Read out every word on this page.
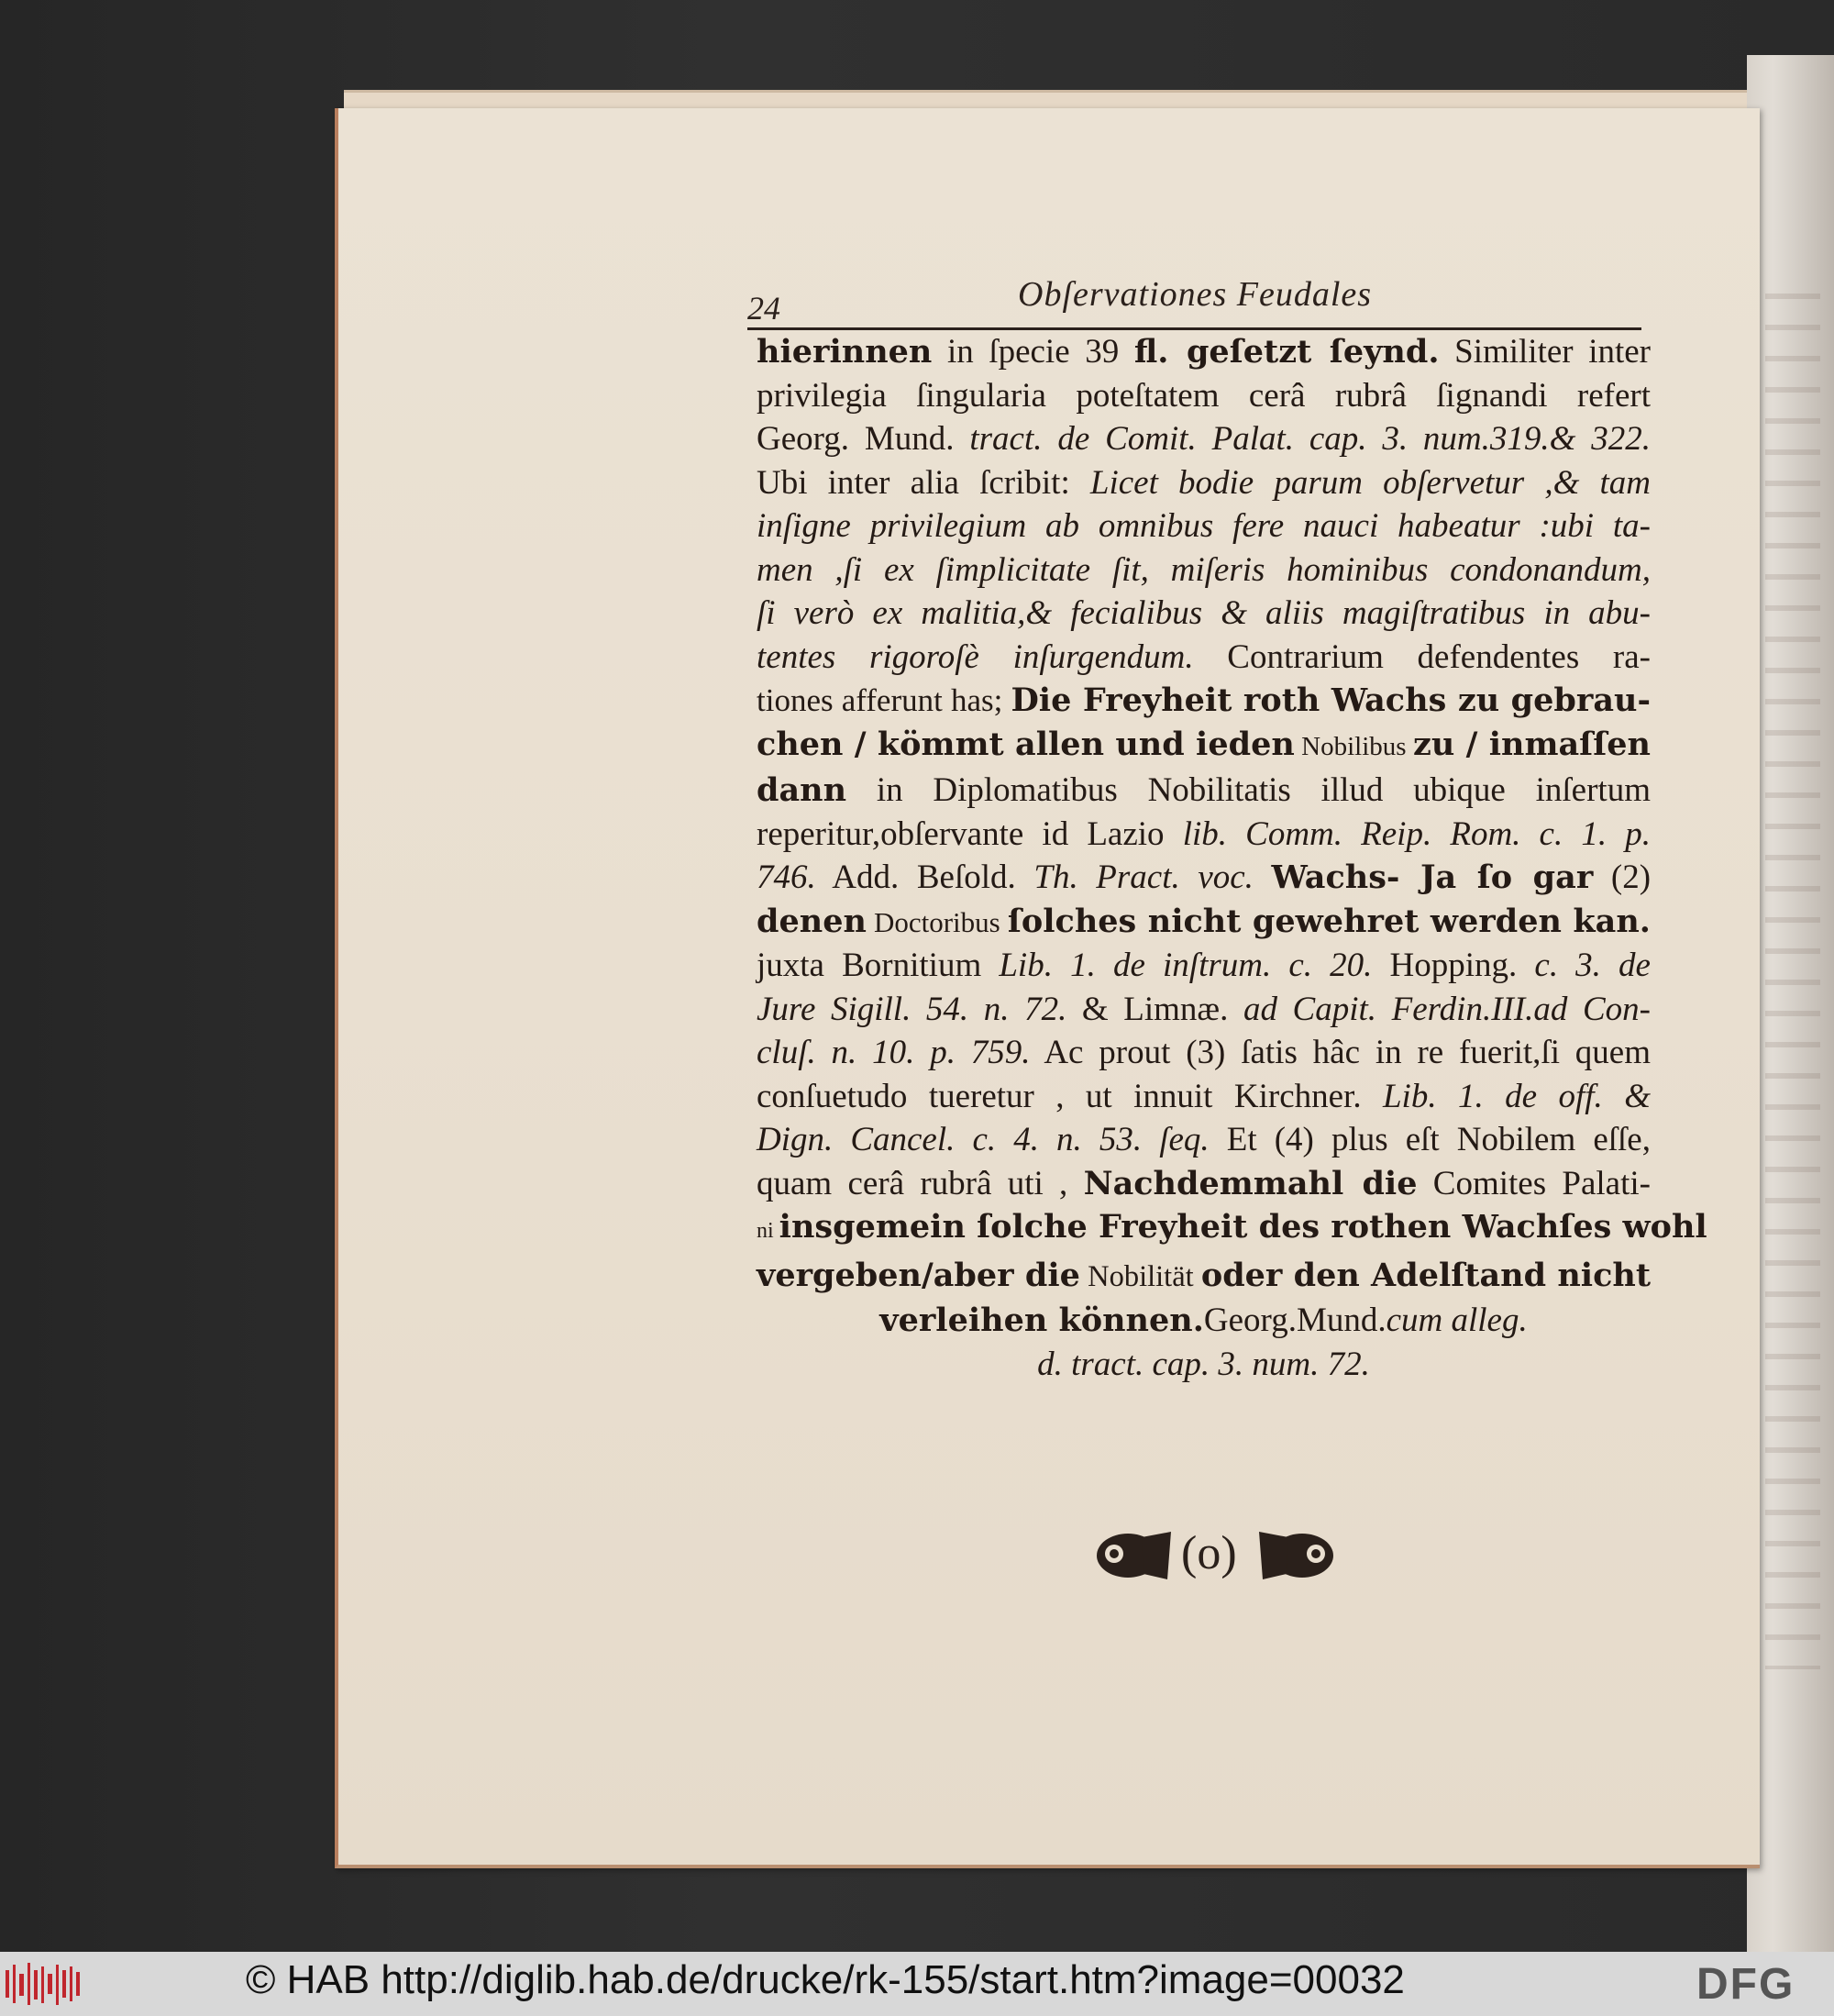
24	Obſervationes Feudales
hierinnen in ſpecie 39 fl. geſetzt ſeynd. Similiter inter
privilegia ſingularia poteſtatem cerâ rubrâ ſignandi refert
Georg. Mund. tract. de Comit. Palat. cap. 3. num.319.& 322.
Ubi inter alia ſcribit: Licet bodie parum obſervetur ,& tam
inſigne privilegium ab omnibus fere nauci habeatur :ubi ta-
men ,ſi ex ſimplicitate ſit, miſeris hominibus condonandum,
ſi verò ex malitia,& fecialibus & aliis magiſtratibus in abu-
tentes rigoroſè inſurgendum. Contrarium defendentes ra-
tiones afferunt has; Die Freyheit roth Wachs zu gebrau-
chen / kömmt allen und ieden Nobilibus zu / inmaſſen
dann in Diplomatibus Nobilitatis illud ubique inſertum
reperitur,obſervante id Lazio lib. Comm. Reip. Rom. c. 1. p.
746. Add. Beſold. Th. Pract. voc. Wachs- Ja ſo gar (2)
denen Doctoribus ſolches nicht gewehret werden kan.
juxta Bornitium Lib. 1. de inſtrum. c. 20. Hopping. c. 3. de
Jure Sigill. 54. n. 72. & Limnæ. ad Capit. Ferdin.III.ad Con-
cluſ. n. 10. p. 759. Ac prout (3) ſatis hâc in re fuerit,ſi quem
conſuetudo tueretur , ut innuit Kirchner. Lib. 1. de off. &
Dign. Cancel. c. 4. n. 53. ſeq. Et (4) plus eſt Nobilem eſſe,
quam cerâ rubrâ uti , Nachdemmahl die Comites Palati-
ni insgemein ſolche Freyheit des rothen Wachſes wohl
vergeben/aber die Nobilität oder den Adelſtand nicht
verleihen können.Georg.Mund.cum alleg.
d. tract. cap. 3. num. 72.
(o)
© HAB http://diglib.hab.de/drucke/rk-155/start.htm?image=00032	DFG
